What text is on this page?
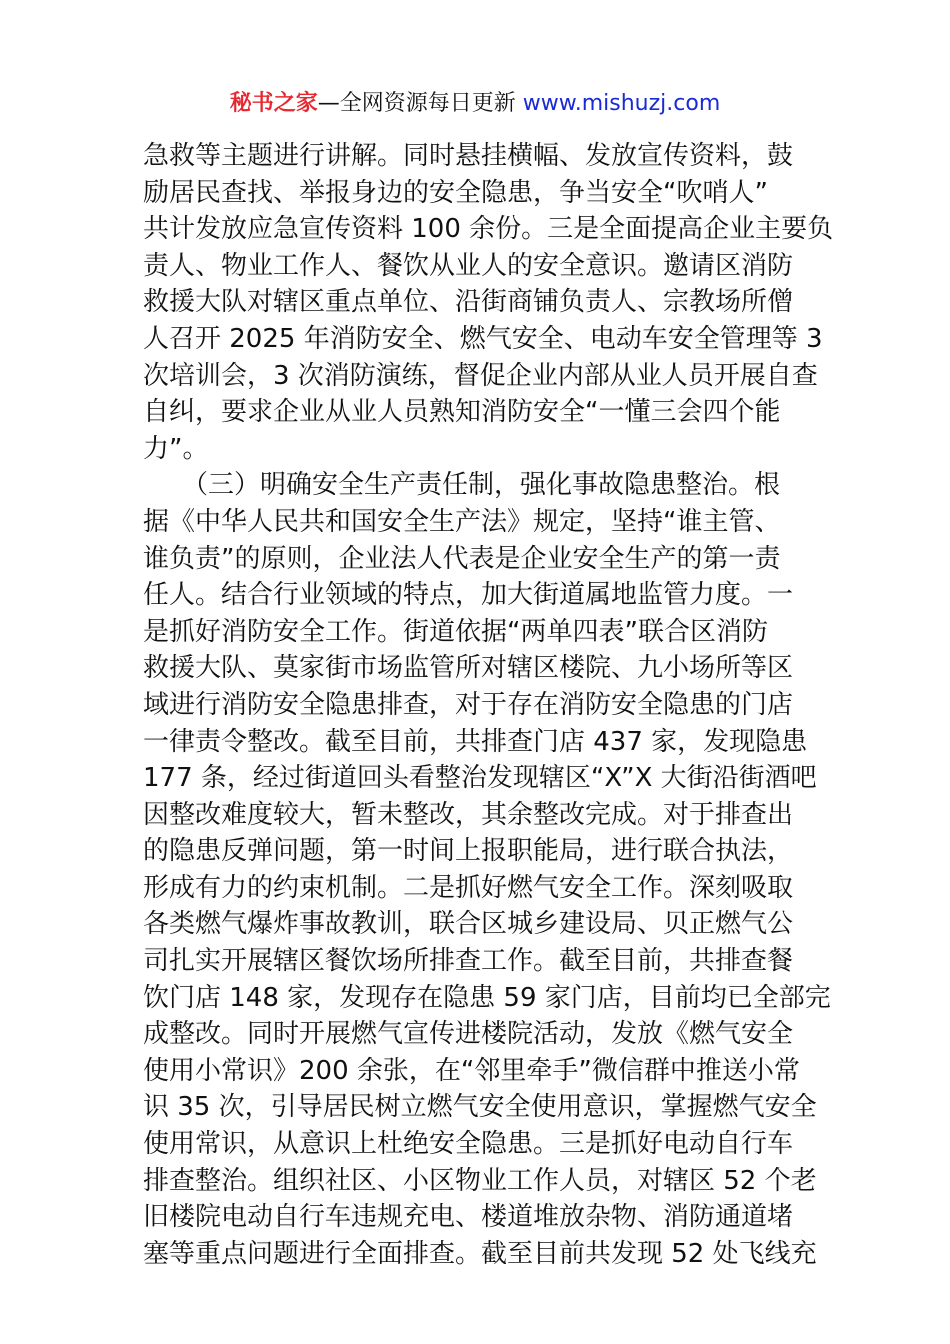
秘书之家—全网资源每日更新 www.mishuzj.com
急救等主题进行讲解。同时悬挂横幅、发放宣传资料，鼓
励居民查找、举报身边的安全隐患，争当安全“吹哨人”
共计发放应急宣传资料 100 余份。三是全面提高企业主要负
责人、物业工作人、餐饮从业人的安全意识。邀请区消防
救援大队对辖区重点单位、沿街商铺负责人、宗教场所僧
人召开 2025 年消防安全、燃气安全、电动车安全管理等 3
次培训会，3 次消防演练，督促企业内部从业人员开展自查
自纠，要求企业从业人员熟知消防安全“一懂三会四个能
力”。
　　（三）明确安全生产责任制，强化事故隐患整治。根
据《中华人民共和国安全生产法》规定，坚持“谁主管、
谁负责”的原则，企业法人代表是企业安全生产的第一责
任人。结合行业领域的特点，加大街道属地监管力度。一
是抓好消防安全工作。街道依据“两单四表”联合区消防
救援大队、莫家街市场监管所对辖区楼院、九小场所等区
域进行消防安全隐患排查，对于存在消防安全隐患的门店
一律责令整改。截至目前，共排查门店 437 家，发现隐患
177 条，经过街道回头看整治发现辖区“X”X 大街沿街酒吧
因整改难度较大，暂未整改，其余整改完成。对于排查出
的隐患反弹问题，第一时间上报职能局，进行联合执法，
形成有力的约束机制。二是抓好燃气安全工作。深刻吸取
各类燃气爆炸事故教训，联合区城乡建设局、贝正燃气公
司扎实开展辖区餐饮场所排查工作。截至目前，共排查餐
饮门店 148 家，发现存在隐患 59 家门店，目前均已全部完
成整改。同时开展燃气宣传进楼院活动，发放《燃气安全
使用小常识》200 余张，在“邻里牵手”微信群中推送小常
识 35 次，引导居民树立燃气安全使用意识，掌握燃气安全
使用常识，从意识上杜绝安全隐患。三是抓好电动自行车
排查整治。组织社区、小区物业工作人员，对辖区 52 个老
旧楼院电动自行车违规充电、楼道堆放杂物、消防通道堵
塞等重点问题进行全面排查。截至目前共发现 52 处飞线充
